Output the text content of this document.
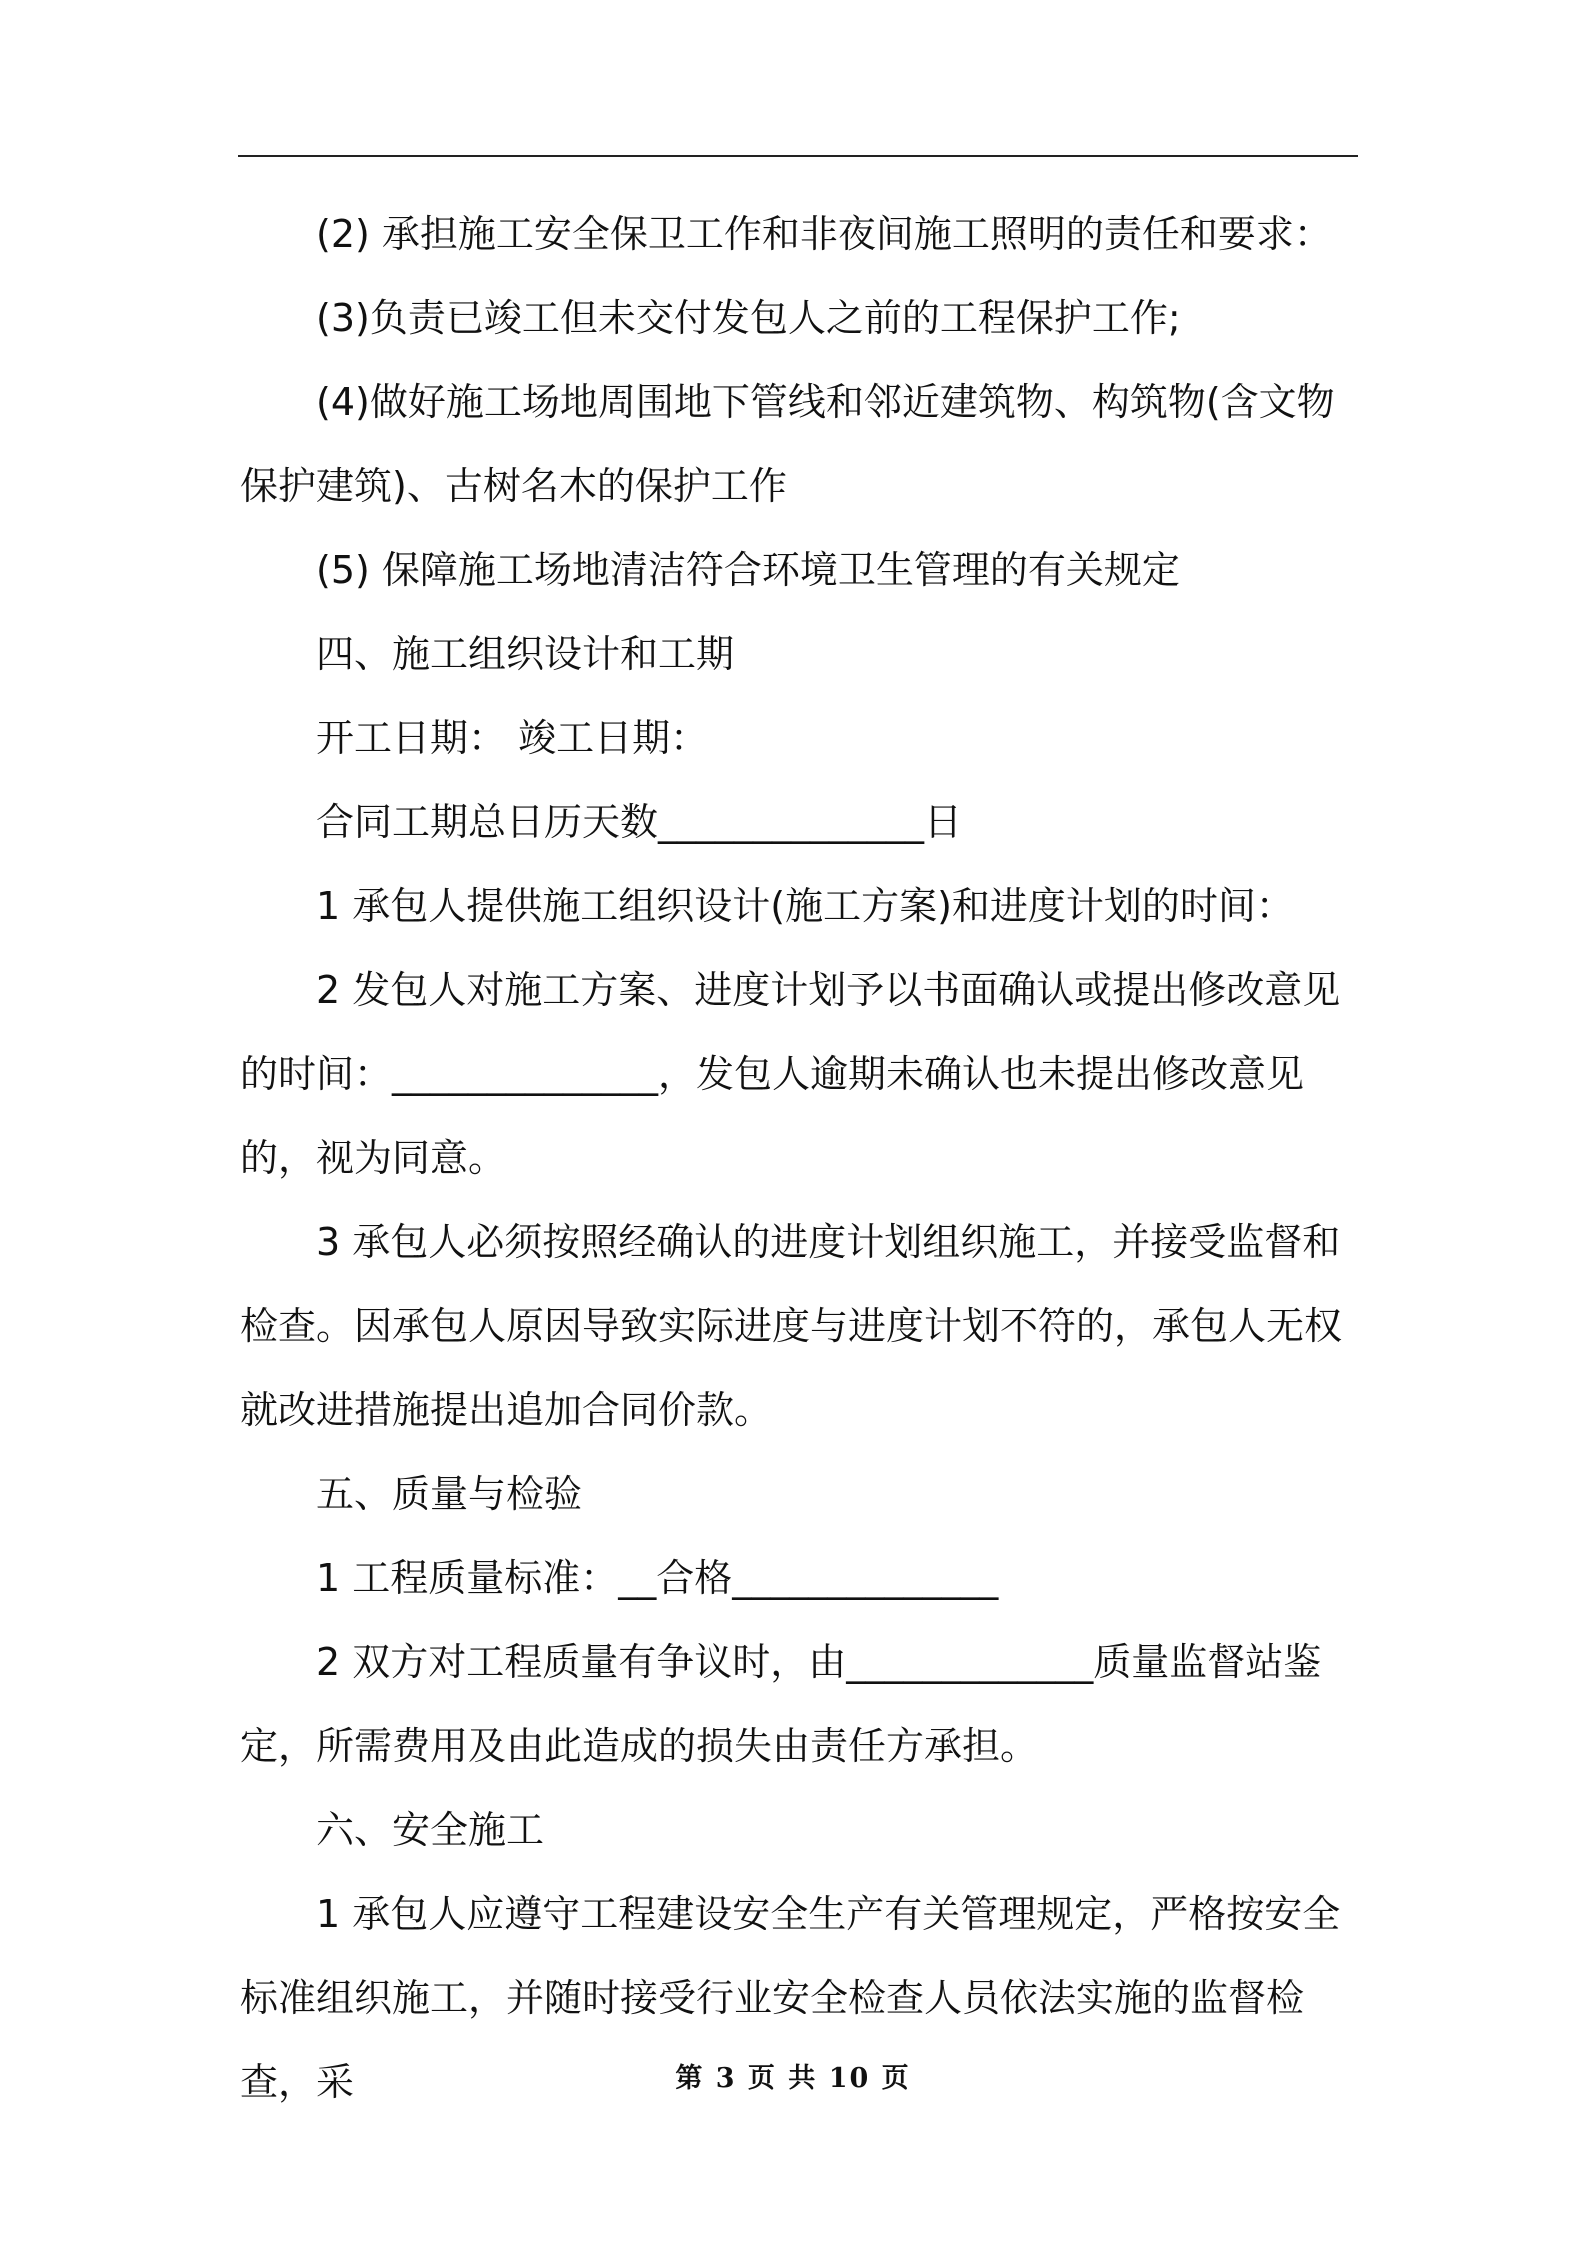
(2) 承担施工安全保卫工作和非夜间施工照明的责任和要求：

(3)负责已竣工但未交付发包人之前的工程保护工作;

(4)做好施工场地周围地下管线和邻近建筑物、构筑物(含文物保护建筑)、古树名木的保护工作

(5) 保障施工场地清洁符合环境卫生管理的有关规定

四、施工组织设计和工期

开工日期： 竣工日期：

合同工期总日历天数______________日

1 承包人提供施工组织设计(施工方案)和进度计划的时间：

2 发包人对施工方案、进度计划予以书面确认或提出修改意见的时间：______________，发包人逾期未确认也未提出修改意见的，视为同意。

3 承包人必须按照经确认的进度计划组织施工，并接受监督和检查。因承包人原因导致实际进度与进度计划不符的，承包人无权就改进措施提出追加合同价款。

五、质量与检验

1 工程质量标准：__合格______________

2 双方对工程质量有争议时，由_____________质量监督站鉴定，所需费用及由此造成的损失由责任方承担。

六、安全施工

1 承包人应遵守工程建设安全生产有关管理规定，严格按安全标准组织施工，并随时接受行业安全检查人员依法实施的监督检查，采	第 3 页 共 10 页
